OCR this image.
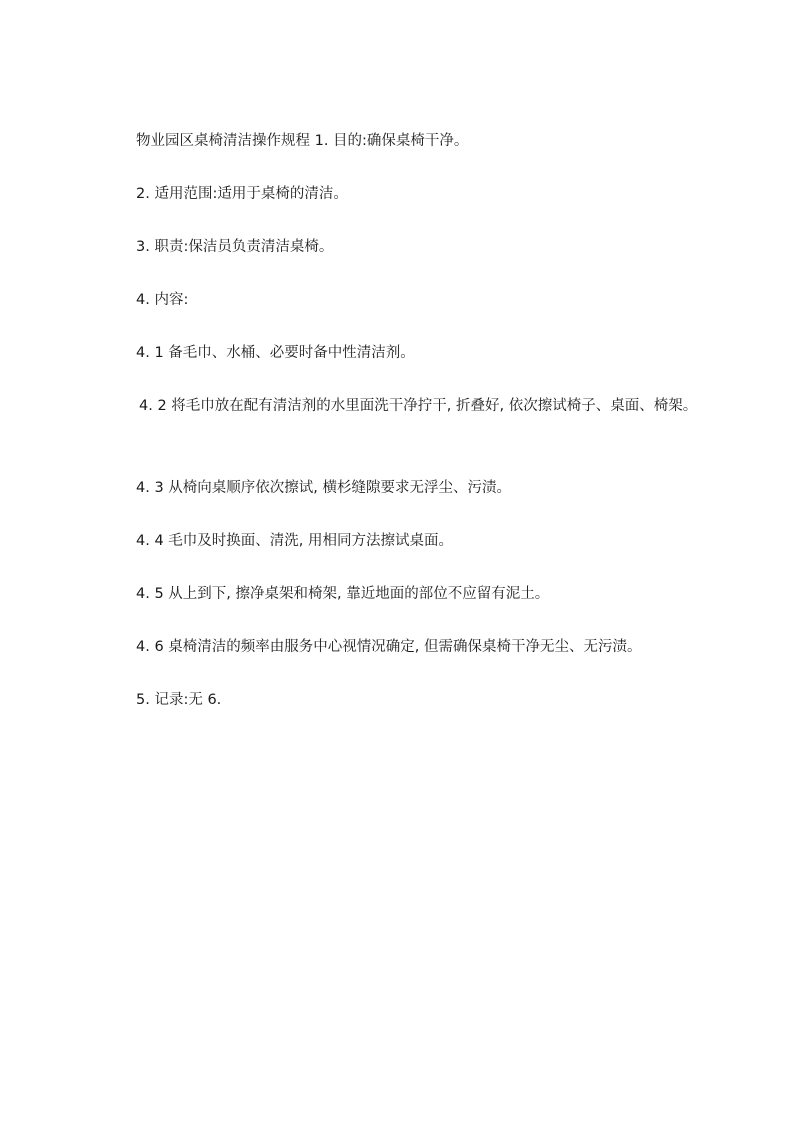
物业园区桌椅清洁操作规程 1. 目的:确保桌椅干净。

2. 适用范围:适用于桌椅的清洁。

3. 职责:保洁员负责清洁桌椅。

4. 内容:

4. 1 备毛巾、水桶、必要时备中性清洁剂。

4. 2 将毛巾放在配有清洁剂的水里面洗干净拧干, 折叠好, 依次擦试椅子、桌面、椅架。

4. 3 从椅向桌顺序依次擦试, 横杉缝隙要求无浮尘、污渍。

4. 4 毛巾及时换面、清洗, 用相同方法擦试桌面。

4. 5 从上到下, 擦净桌架和椅架, 靠近地面的部位不应留有泥土。

4. 6 桌椅清洁的频率由服务中心视情况确定, 但需确保桌椅干净无尘、无污渍。

5. 记录:无 6.
